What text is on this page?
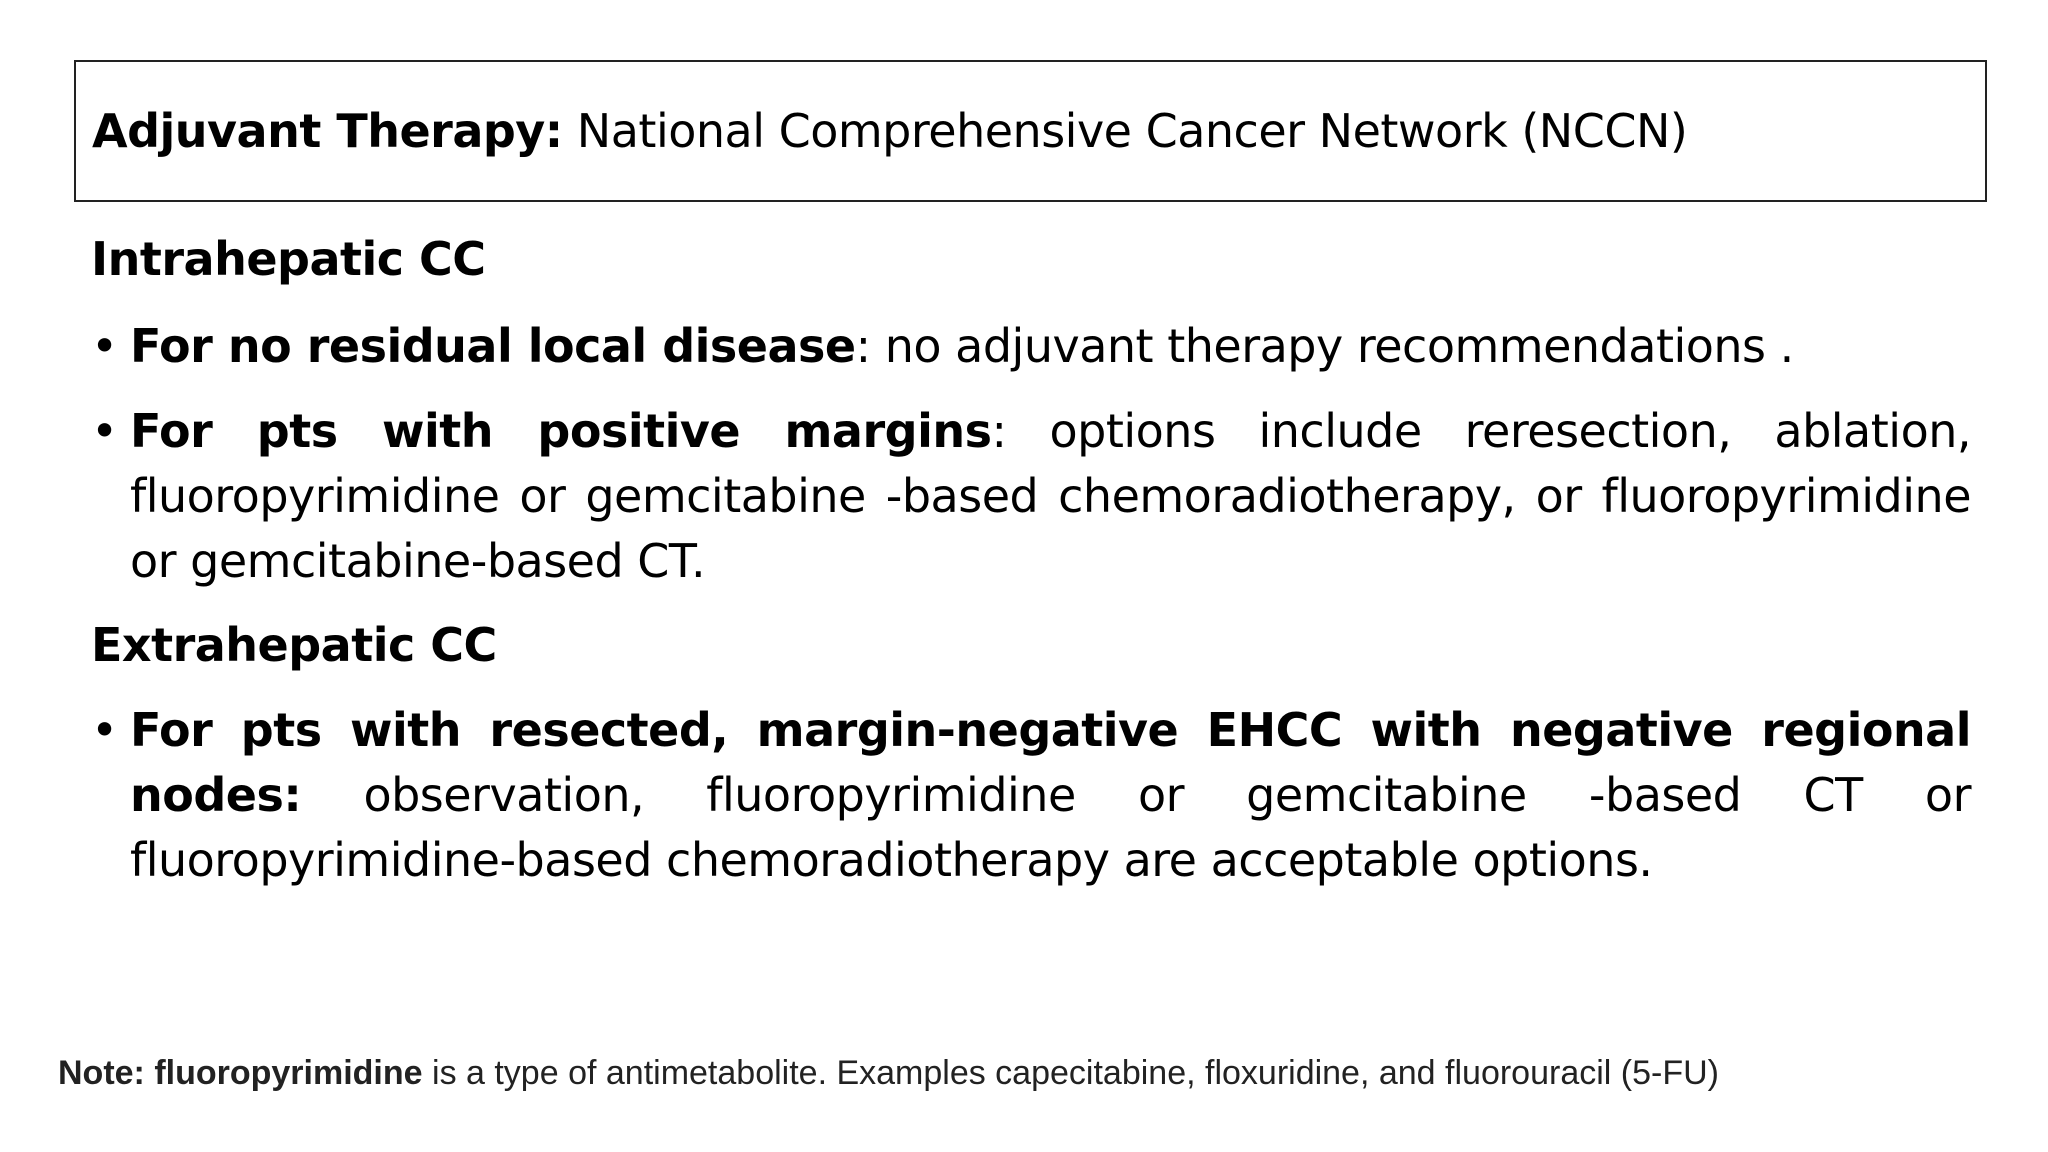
Adjuvant Therapy: National Comprehensive Cancer Network (NCCN)

Intrahepatic CC

• For no residual local disease: no adjuvant therapy recommendations .
• For pts with positive margins: options include reresection, ablation, fluoropyrimidine or gemcitabine -based chemoradiotherapy, or fluoropyrimidine or gemcitabine-based CT.

Extrahepatic CC

• For pts with resected, margin-negative EHCC with negative regional nodes: observation, fluoropyrimidine or gemcitabine -based CT or fluoropyrimidine-based chemoradiotherapy are acceptable options.
Note: fluoropyrimidine is a type of antimetabolite. Examples capecitabine, floxuridine, and fluorouracil (5-FU)
